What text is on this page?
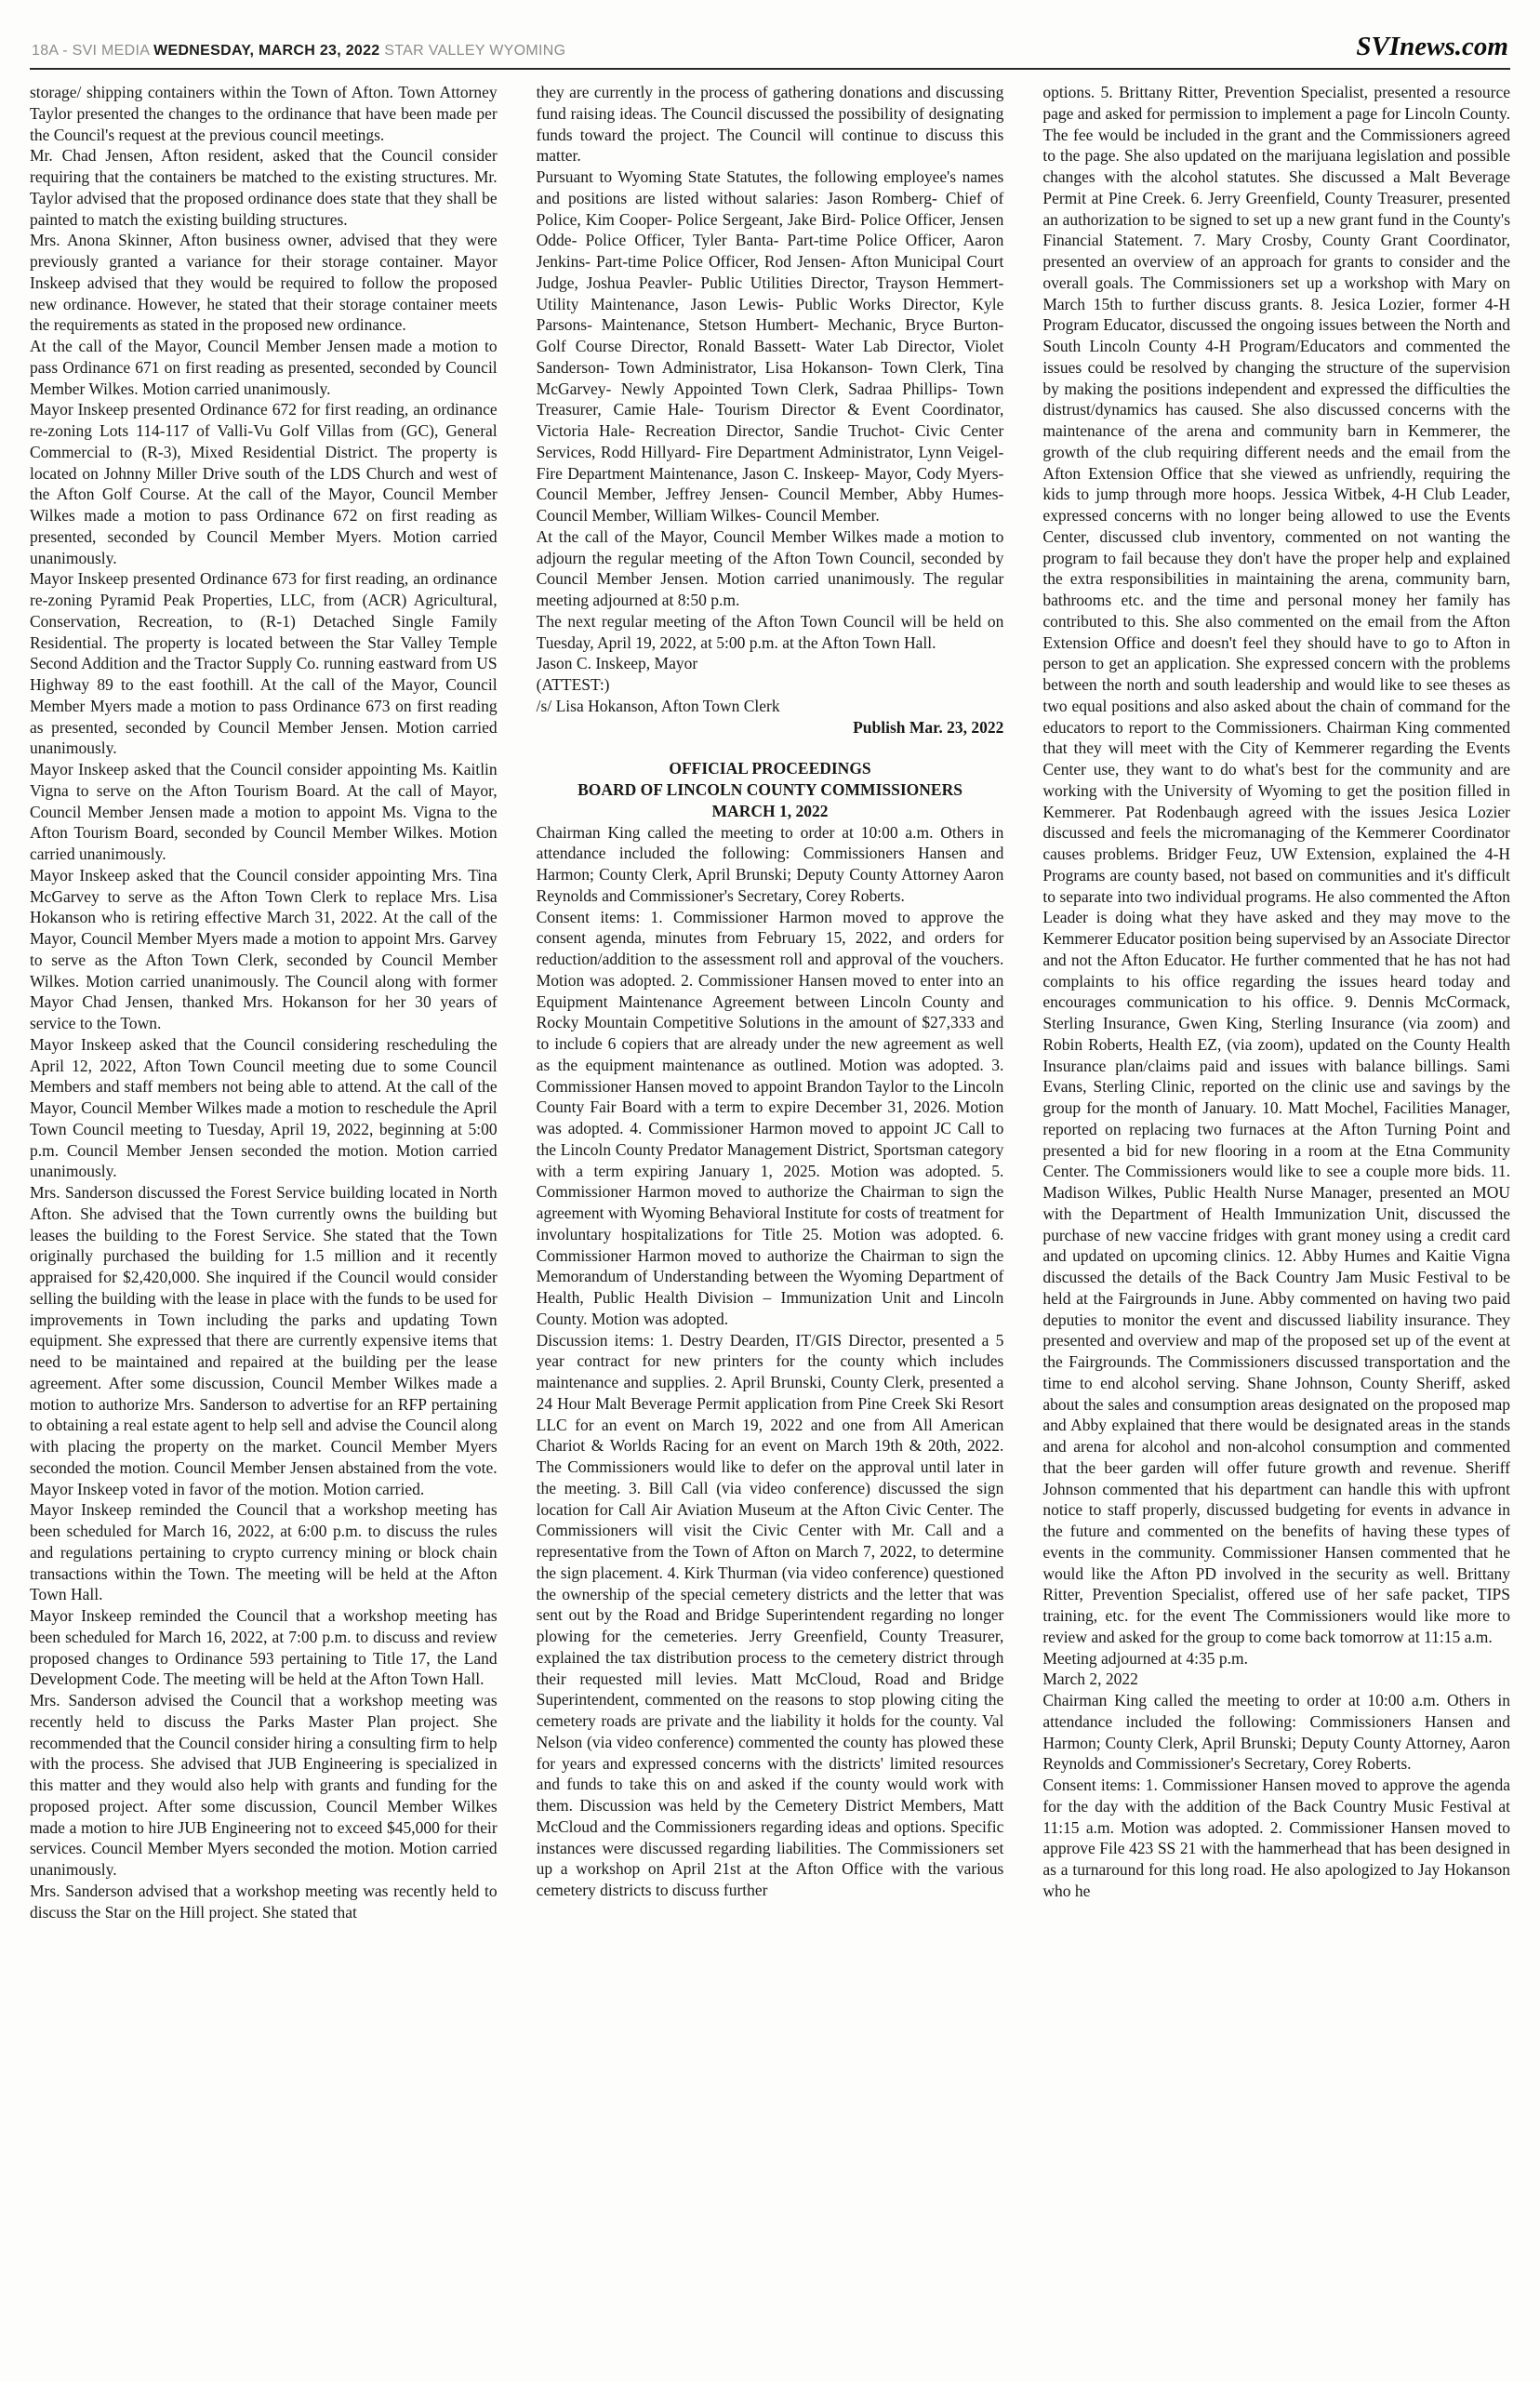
18A - SVI MEDIA WEDNESDAY, MARCH 23, 2022 STAR VALLEY WYOMING	SVInews.com

storage/ shipping containers within the Town of Afton. Town Attorney Taylor presented the changes to the ordinance that have been made per the Council's request at the previous council meetings.

Mr. Chad Jensen, Afton resident, asked that the Council consider requiring that the containers be matched to the existing structures. Mr. Taylor advised that the proposed ordinance does state that they shall be painted to match the existing building structures.

Mrs. Anona Skinner, Afton business owner, advised that they were previously granted a variance for their storage container. Mayor Inskeep advised that they would be required to follow the proposed new ordinance. However, he stated that their storage container meets the requirements as stated in the proposed new ordinance.

At the call of the Mayor, Council Member Jensen made a motion to pass Ordinance 671 on first reading as presented, seconded by Council Member Wilkes. Motion carried unanimously.

Mayor Inskeep presented Ordinance 672 for first reading, an ordinance re-zoning Lots 114-117 of Valli-Vu Golf Villas from (GC), General Commercial to (R-3), Mixed Residential District. The property is located on Johnny Miller Drive south of the LDS Church and west of the Afton Golf Course. At the call of the Mayor, Council Member Wilkes made a motion to pass Ordinance 672 on first reading as presented, seconded by Council Member Myers. Motion carried unanimously.

Mayor Inskeep presented Ordinance 673 for first reading, an ordinance re-zoning Pyramid Peak Properties, LLC, from (ACR) Agricultural, Conservation, Recreation, to (R-1) Detached Single Family Residential. The property is located between the Star Valley Temple Second Addition and the Tractor Supply Co. running eastward from US Highway 89 to the east foothill. At the call of the Mayor, Council Member Myers made a motion to pass Ordinance 673 on first reading as presented, seconded by Council Member Jensen. Motion carried unanimously.

Mayor Inskeep asked that the Council consider appointing Ms. Kaitlin Vigna to serve on the Afton Tourism Board. At the call of Mayor, Council Member Jensen made a motion to appoint Ms. Vigna to the Afton Tourism Board, seconded by Council Member Wilkes. Motion carried unanimously.

Mayor Inskeep asked that the Council consider appointing Mrs. Tina McGarvey to serve as the Afton Town Clerk to replace Mrs. Lisa Hokanson who is retiring effective March 31, 2022. At the call of the Mayor, Council Member Myers made a motion to appoint Mrs. Garvey to serve as the Afton Town Clerk, seconded by Council Member Wilkes. Motion carried unanimously. The Council along with former Mayor Chad Jensen, thanked Mrs. Hokanson for her 30 years of service to the Town.

Mayor Inskeep asked that the Council considering rescheduling the April 12, 2022, Afton Town Council meeting due to some Council Members and staff members not being able to attend. At the call of the Mayor, Council Member Wilkes made a motion to reschedule the April Town Council meeting to Tuesday, April 19, 2022, beginning at 5:00 p.m. Council Member Jensen seconded the motion. Motion carried unanimously.

Mrs. Sanderson discussed the Forest Service building located in North Afton. She advised that the Town currently owns the building but leases the building to the Forest Service. She stated that the Town originally purchased the building for 1.5 million and it recently appraised for $2,420,000. She inquired if the Council would consider selling the building with the lease in place with the funds to be used for improvements in Town including the parks and updating Town equipment. She expressed that there are currently expensive items that need to be maintained and repaired at the building per the lease agreement. After some discussion, Council Member Wilkes made a motion to authorize Mrs. Sanderson to advertise for an RFP pertaining to obtaining a real estate agent to help sell and advise the Council along with placing the property on the market. Council Member Myers seconded the motion. Council Member Jensen abstained from the vote. Mayor Inskeep voted in favor of the motion. Motion carried.

Mayor Inskeep reminded the Council that a workshop meeting has been scheduled for March 16, 2022, at 6:00 p.m. to discuss the rules and regulations pertaining to crypto currency mining or block chain transactions within the Town. The meeting will be held at the Afton Town Hall.

Mayor Inskeep reminded the Council that a workshop meeting has been scheduled for March 16, 2022, at 7:00 p.m. to discuss and review proposed changes to Ordinance 593 pertaining to Title 17, the Land Development Code. The meeting will be held at the Afton Town Hall.

Mrs. Sanderson advised the Council that a workshop meeting was recently held to discuss the Parks Master Plan project. She recommended that the Council consider hiring a consulting firm to help with the process. She advised that JUB Engineering is specialized in this matter and they would also help with grants and funding for the proposed project. After some discussion, Council Member Wilkes made a motion to hire JUB Engineering not to exceed $45,000 for their services. Council Member Myers seconded the motion. Motion carried unanimously.

Mrs. Sanderson advised that a workshop meeting was recently held to discuss the Star on the Hill project. She stated that

they are currently in the process of gathering donations and discussing fund raising ideas. The Council discussed the possibility of designating funds toward the project. The Council will continue to discuss this matter.

Pursuant to Wyoming State Statutes, the following employee's names and positions are listed without salaries: Jason Romberg- Chief of Police, Kim Cooper- Police Sergeant, Jake Bird- Police Officer, Jensen Odde- Police Officer, Tyler Banta- Part-time Police Officer, Aaron Jenkins- Part-time Police Officer, Rod Jensen- Afton Municipal Court Judge, Joshua Peavler- Public Utilities Director, Trayson Hemmert- Utility Maintenance, Jason Lewis- Public Works Director, Kyle Parsons- Maintenance, Stetson Humbert- Mechanic, Bryce Burton- Golf Course Director, Ronald Bassett- Water Lab Director, Violet Sanderson- Town Administrator, Lisa Hokanson- Town Clerk, Tina McGarvey- Newly Appointed Town Clerk, Sadraa Phillips- Town Treasurer, Camie Hale- Tourism Director & Event Coordinator, Victoria Hale- Recreation Director, Sandie Truchot- Civic Center Services, Rodd Hillyard- Fire Department Administrator, Lynn Veigel- Fire Department Maintenance, Jason C. Inskeep- Mayor, Cody Myers- Council Member, Jeffrey Jensen- Council Member, Abby Humes- Council Member, William Wilkes- Council Member.

At the call of the Mayor, Council Member Wilkes made a motion to adjourn the regular meeting of the Afton Town Council, seconded by Council Member Jensen. Motion carried unanimously. The regular meeting adjourned at 8:50 p.m.

The next regular meeting of the Afton Town Council will be held on Tuesday, April 19, 2022, at 5:00 p.m. at the Afton Town Hall.

Jason C. Inskeep, Mayor

(ATTEST:)

/s/ Lisa Hokanson, Afton Town Clerk

Publish Mar. 23, 2022

OFFICIAL PROCEEDINGS

BOARD OF LINCOLN COUNTY COMMISSIONERS

MARCH 1, 2022

Chairman King called the meeting to order at 10:00 a.m. Others in attendance included the following: Commissioners Hansen and Harmon; County Clerk, April Brunski; Deputy County Attorney Aaron Reynolds and Commissioner's Secretary, Corey Roberts.

Consent items: 1. Commissioner Harmon moved to approve the consent agenda, minutes from February 15, 2022, and orders for reduction/addition to the assessment roll and approval of the vouchers. Motion was adopted. 2. Commissioner Hansen moved to enter into an Equipment Maintenance Agreement between Lincoln County and Rocky Mountain Competitive Solutions in the amount of $27,333 and to include 6 copiers that are already under the new agreement as well as the equipment maintenance as outlined. Motion was adopted. 3. Commissioner Hansen moved to appoint Brandon Taylor to the Lincoln County Fair Board with a term to expire December 31, 2026. Motion was adopted. 4. Commissioner Harmon moved to appoint JC Call to the Lincoln County Predator Management District, Sportsman category with a term expiring January 1, 2025. Motion was adopted. 5. Commissioner Harmon moved to authorize the Chairman to sign the agreement with Wyoming Behavioral Institute for costs of treatment for involuntary hospitalizations for Title 25. Motion was adopted. 6. Commissioner Harmon moved to authorize the Chairman to sign the Memorandum of Understanding between the Wyoming Department of Health, Public Health Division – Immunization Unit and Lincoln County. Motion was adopted.

Discussion items: 1. Destry Dearden, IT/GIS Director, presented a 5 year contract for new printers for the county which includes maintenance and supplies. 2. April Brunski, County Clerk, presented a 24 Hour Malt Beverage Permit application from Pine Creek Ski Resort LLC for an event on March 19, 2022 and one from All American Chariot & Worlds Racing for an event on March 19th & 20th, 2022. The Commissioners would like to defer on the approval until later in the meeting. 3. Bill Call (via video conference) discussed the sign location for Call Air Aviation Museum at the Afton Civic Center. The Commissioners will visit the Civic Center with Mr. Call and a representative from the Town of Afton on March 7, 2022, to determine the sign placement. 4. Kirk Thurman (via video conference) questioned the ownership of the special cemetery districts and the letter that was sent out by the Road and Bridge Superintendent regarding no longer plowing for the cemeteries. Jerry Greenfield, County Treasurer, explained the tax distribution process to the cemetery district through their requested mill levies. Matt McCloud, Road and Bridge Superintendent, commented on the reasons to stop plowing citing the cemetery roads are private and the liability it holds for the county. Val Nelson (via video conference) commented the county has plowed these for years and expressed concerns with the districts' limited resources and funds to take this on and asked if the county would work with them. Discussion was held by the Cemetery District Members, Matt McCloud and the Commissioners regarding ideas and options. Specific instances were discussed regarding liabilities. The Commissioners set up a workshop on April 21st at the Afton Office with the various cemetery districts to discuss further

options. 5. Brittany Ritter, Prevention Specialist, presented a resource page and asked for permission to implement a page for Lincoln County. The fee would be included in the grant and the Commissioners agreed to the page. She also updated on the marijuana legislation and possible changes with the alcohol statutes. She discussed a Malt Beverage Permit at Pine Creek. 6. Jerry Greenfield, County Treasurer, presented an authorization to be signed to set up a new grant fund in the County's Financial Statement. 7. Mary Crosby, County Grant Coordinator, presented an overview of an approach for grants to consider and the overall goals. The Commissioners set up a workshop with Mary on March 15th to further discuss grants. 8. Jesica Lozier, former 4-H Program Educator, discussed the ongoing issues between the North and South Lincoln County 4-H Program/Educators and commented the issues could be resolved by changing the structure of the supervision by making the positions independent and expressed the difficulties the distrust/dynamics has caused. She also discussed concerns with the maintenance of the arena and community barn in Kemmerer, the growth of the club requiring different needs and the email from the Afton Extension Office that she viewed as unfriendly, requiring the kids to jump through more hoops. Jessica Witbek, 4-H Club Leader, expressed concerns with no longer being allowed to use the Events Center, discussed club inventory, commented on not wanting the program to fail because they don't have the proper help and explained the extra responsibilities in maintaining the arena, community barn, bathrooms etc. and the time and personal money her family has contributed to this. She also commented on the email from the Afton Extension Office and doesn't feel they should have to go to Afton in person to get an application. She expressed concern with the problems between the north and south leadership and would like to see theses as two equal positions and also asked about the chain of command for the educators to report to the Commissioners. Chairman King commented that they will meet with the City of Kemmerer regarding the Events Center use, they want to do what's best for the community and are working with the University of Wyoming to get the position filled in Kemmerer. Pat Rodenbaugh agreed with the issues Jesica Lozier discussed and feels the micromanaging of the Kemmerer Coordinator causes problems. Bridger Feuz, UW Extension, explained the 4-H Programs are county based, not based on communities and it's difficult to separate into two individual programs. He also commented the Afton Leader is doing what they have asked and they may move to the Kemmerer Educator position being supervised by an Associate Director and not the Afton Educator. He further commented that he has not had complaints to his office regarding the issues heard today and encourages communication to his office. 9. Dennis McCormack, Sterling Insurance, Gwen King, Sterling Insurance (via zoom) and Robin Roberts, Health EZ, (via zoom), updated on the County Health Insurance plan/claims paid and issues with balance billings. Sami Evans, Sterling Clinic, reported on the clinic use and savings by the group for the month of January. 10. Matt Mochel, Facilities Manager, reported on replacing two furnaces at the Afton Turning Point and presented a bid for new flooring in a room at the Etna Community Center. The Commissioners would like to see a couple more bids. 11. Madison Wilkes, Public Health Nurse Manager, presented an MOU with the Department of Health Immunization Unit, discussed the purchase of new vaccine fridges with grant money using a credit card and updated on upcoming clinics. 12. Abby Humes and Kaitie Vigna discussed the details of the Back Country Jam Music Festival to be held at the Fairgrounds in June. Abby commented on having two paid deputies to monitor the event and discussed liability insurance. They presented and overview and map of the proposed set up of the event at the Fairgrounds. The Commissioners discussed transportation and the time to end alcohol serving. Shane Johnson, County Sheriff, asked about the sales and consumption areas designated on the proposed map and Abby explained that there would be designated areas in the stands and arena for alcohol and non-alcohol consumption and commented that the beer garden will offer future growth and revenue. Sheriff Johnson commented that his department can handle this with upfront notice to staff properly, discussed budgeting for events in advance in the future and commented on the benefits of having these types of events in the community. Commissioner Hansen commented that he would like the Afton PD involved in the security as well. Brittany Ritter, Prevention Specialist, offered use of her safe packet, TIPS training, etc. for the event The Commissioners would like more to review and asked for the group to come back tomorrow at 11:15 a.m.

Meeting adjourned at 4:35 p.m.

March 2, 2022

Chairman King called the meeting to order at 10:00 a.m. Others in attendance included the following: Commissioners Hansen and Harmon; County Clerk, April Brunski; Deputy County Attorney, Aaron Reynolds and Commissioner's Secretary, Corey Roberts.

Consent items: 1. Commissioner Hansen moved to approve the agenda for the day with the addition of the Back Country Music Festival at 11:15 a.m. Motion was adopted. 2. Commissioner Hansen moved to approve File 423 SS 21 with the hammerhead that has been designed in as a turnaround for this long road. He also apologized to Jay Hokanson who he
